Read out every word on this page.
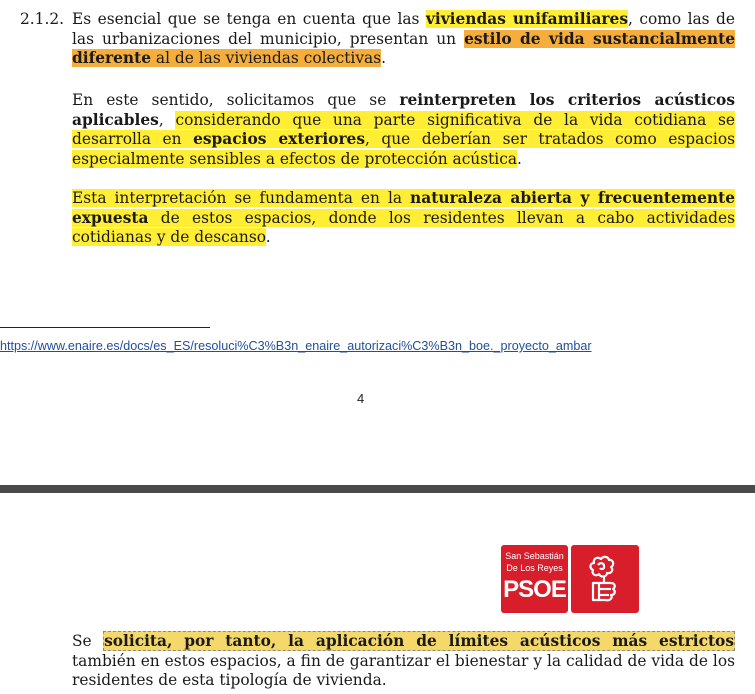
2.1.2. Es esencial que se tenga en cuenta que las viviendas unifamiliares, como las de las urbanizaciones del municipio, presentan un estilo de vida sustancialmente diferente al de las viviendas colectivas.

En este sentido, solicitamos que se reinterpreten los criterios acústicos aplicables, considerando que una parte significativa de la vida cotidiana se desarrolla en espacios exteriores, que deberían ser tratados como espacios especialmente sensibles a efectos de protección acústica.

Esta interpretación se fundamenta en la naturaleza abierta y frecuentemente expuesta de estos espacios, donde los residentes llevan a cabo actividades cotidianas y de descanso.

https://www.enaire.es/docs/es_ES/resoluci%C3%B3n_enaire_autorizaci%C3%B3n_boe._proyecto_ambar
4
San Sebastián
De Los Reyes
PSOE

Se solicita, por tanto, la aplicación de límites acústicos más estrictos también en estos espacios, a fin de garantizar el bienestar y la calidad de vida de los residentes de esta tipología de vivienda.
